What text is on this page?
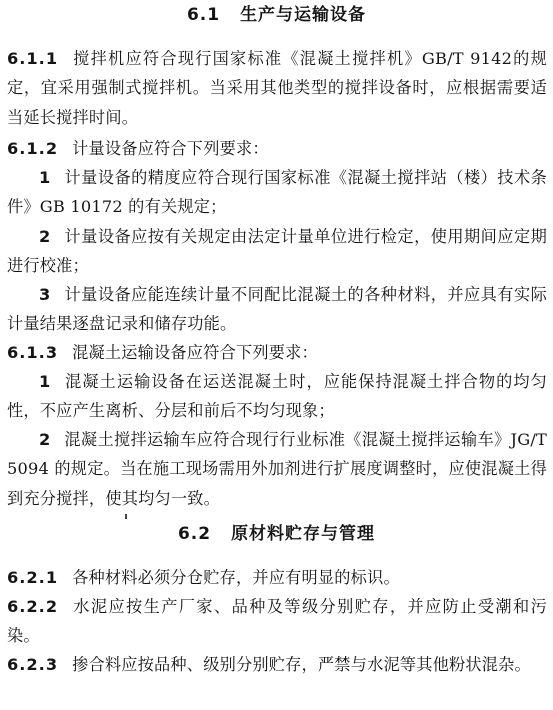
6.1 生产与运输设备
6.1.1 搅拌机应符合现行国家标准《混凝土搅拌机》GB/T 9142的规定，宜采用强制式搅拌机。当采用其他类型的搅拌设备时，应根据需要适当延长搅拌时间。
6.1.2 计量设备应符合下列要求：
1 计量设备的精度应符合现行国家标准《混凝土搅拌站（楼）技术条件》GB 10172 的有关规定；
2 计量设备应按有关规定由法定计量单位进行检定，使用期间应定期进行校准；
3 计量设备应能连续计量不同配比混凝土的各种材料，并应具有实际计量结果逐盘记录和储存功能。
6.1.3 混凝土运输设备应符合下列要求：
1 混凝土运输设备在运送混凝土时，应能保持混凝土拌合物的均匀性，不应产生离析、分层和前后不均匀现象；
2 混凝土搅拌运输车应符合现行行业标准《混凝土搅拌运输车》JG/T 5094 的规定。当在施工现场需用外加剂进行扩展度调整时，应使混凝土得到充分搅拌，使其均匀一致。
6.2 原材料贮存与管理
6.2.1 各种材料必须分仓贮存，并应有明显的标识。
6.2.2 水泥应按生产厂家、品种及等级分别贮存，并应防止受潮和污染。
6.2.3 掺合料应按品种、级别分别贮存，严禁与水泥等其他粉状混杂。
